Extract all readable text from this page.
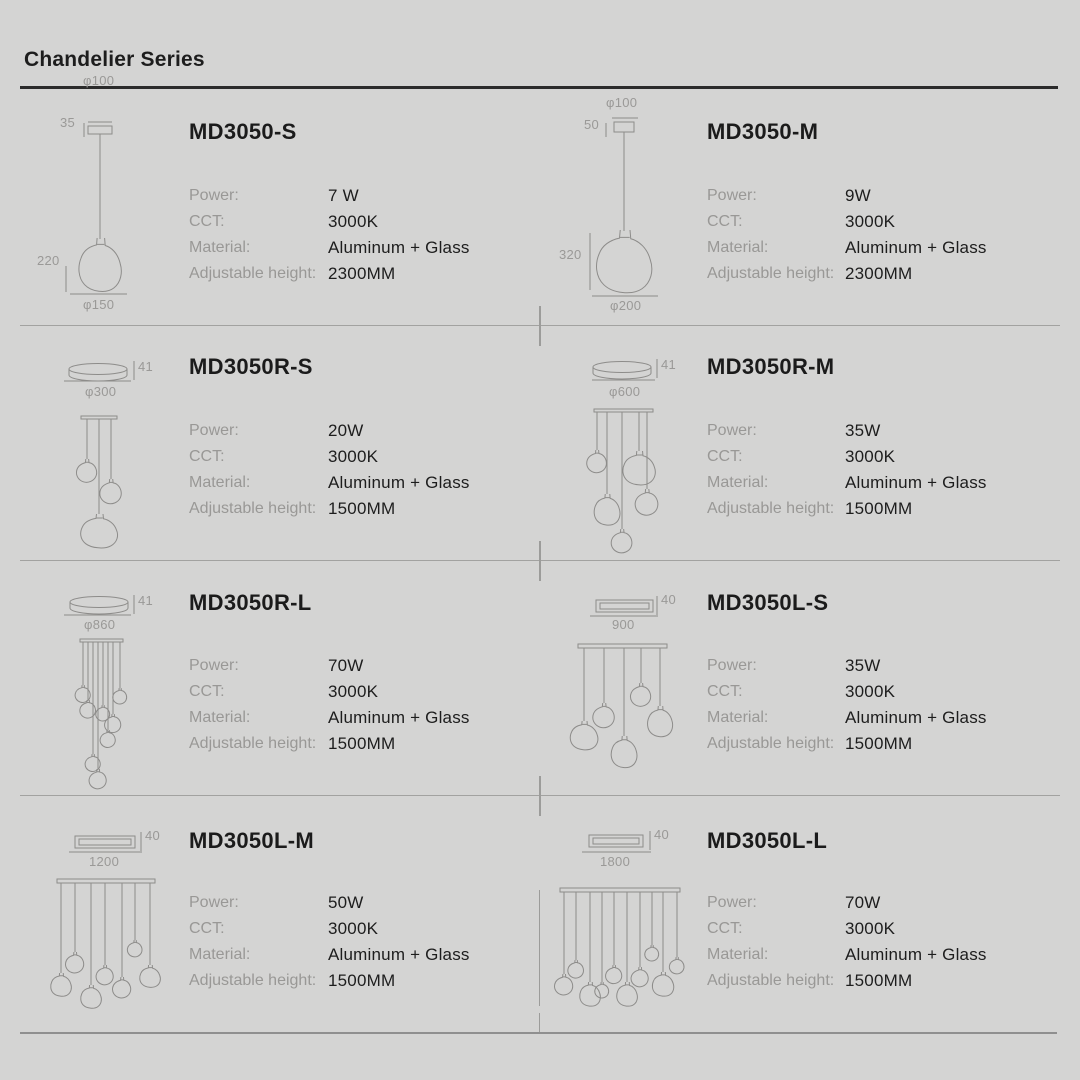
Chandelier Series
φ100
35
220
φ150
φ100
50
320
φ200
φ300
41
φ600
41
φ860
41
900
40
1200
40
1800
40
MD3050-S
Power:	7 W
CCT:	3000K
Material:	Aluminum + Glass
Adjustable height: 2300MM
MD3050-M
Power:	9W
CCT:	3000K
Material:	Aluminum + Glass
Adjustable height: 2300MM
MD3050R-S
Power:	20W
CCT:	3000K
Material:	Aluminum + Glass
Adjustable height: 1500MM
MD3050R-M
Power:	35W
CCT:	3000K
Material:	Aluminum + Glass
Adjustable height: 1500MM
MD3050R-L
Power:	70W
CCT:	3000K
Material:	Aluminum + Glass
Adjustable height: 1500MM
MD3050L-S
Power:	35W
CCT:	3000K
Material:	Aluminum + Glass
Adjustable height: 1500MM
MD3050L-M
Power:	50W
CCT:	3000K
Material:	Aluminum + Glass
Adjustable height: 1500MM
MD3050L-L
Power:	70W
CCT:	3000K
Material:	Aluminum + Glass
Adjustable height: 1500MM
